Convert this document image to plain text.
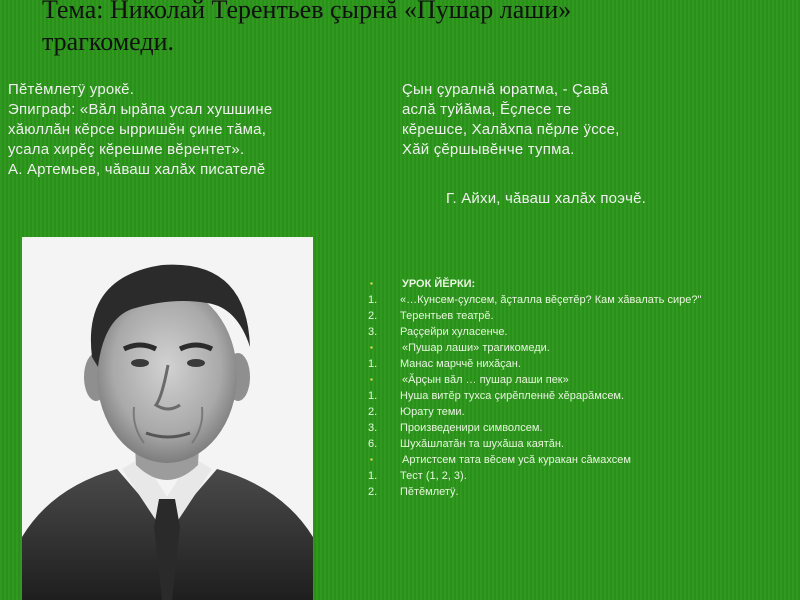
Тема: Николай Терентьев çырнă «Пушар лаши»
трагкомеди.
Пĕтĕмлетÿ урокĕ.
Эпиграф: «Вăл ырăпа усал хушшине
хăюллăн кĕрсе ырришĕн çине тăма,
усала хирĕç кĕрешме вĕрентет».
А. Артемьев, чăваш халăх писателĕ
Çын çуралнă юратма, - Çавă
аслă туйăма, Ĕçлесе те
кĕрешсе, Халăхпа пĕрле ÿссе,
Хăй çĕршывĕнче тупма.
Г. Айхи, чăваш халăх поэчĕ.
▪	УРОК ЙĔРКИ:
1.	«…Кунсем-çулсем, ăçталла вĕçетĕр? Кам хăвалать сире?"
2.	Терентьев театрĕ.
3.	Раççейри хуласенче.
▪	«Пушар лаши» трагикомеди.
1.	Манас марччĕ нихăçан.
▪	«Ăрçын вăл … пушар лаши пек»
1.	Нуша витĕр тухса çирĕпленнĕ хĕрарăмсем.
2.	Юрату теми.
3.	Произведенири символсем.
6.	Шухăшлатăн та шухăша каятăн.
▪	Артистсем тата вĕсем усă куракан сăмахсем
1.	Тест (1, 2, 3).
2.	Пĕтĕмлетÿ.
